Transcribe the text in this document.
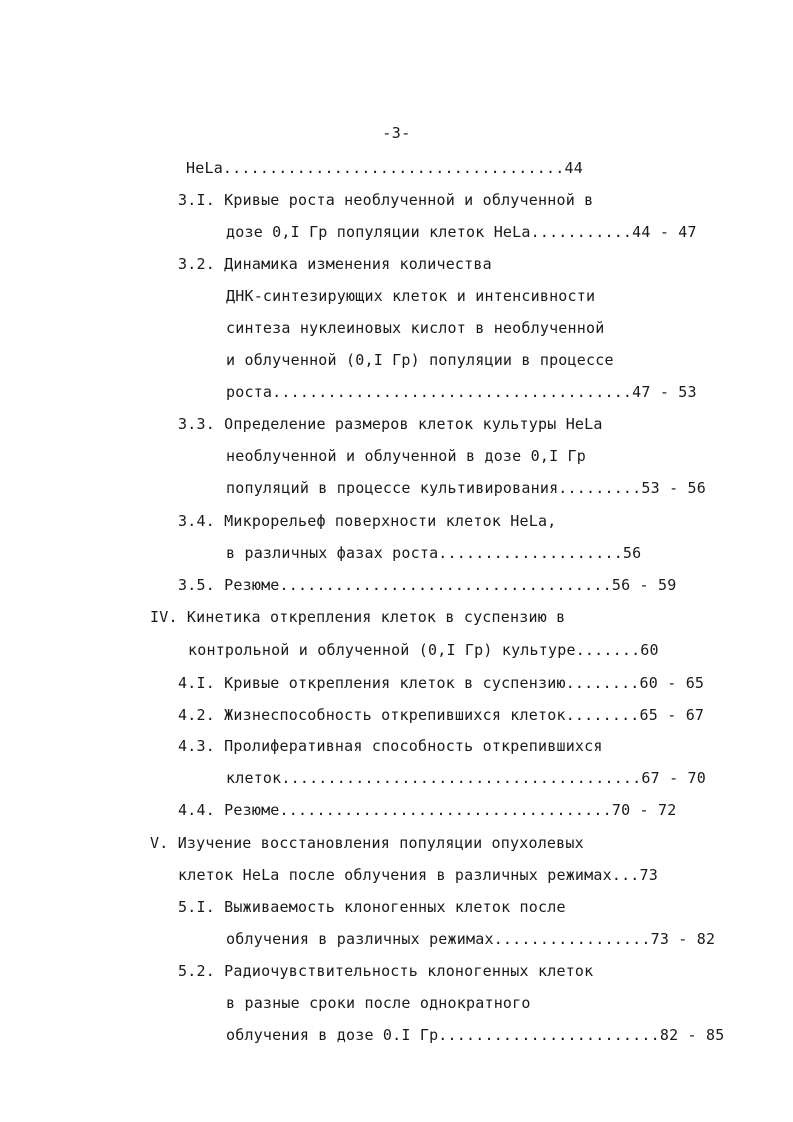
-3-
HeLa.....................................44
3.I. Кривые роста необлученной и облученной в
дозе 0,I Гр популяции клеток HeLa...........44 - 47
3.2. Динамика изменения количества
ДНК-синтезирующих клеток и интенсивности
синтеза нуклеиновых кислот в необлученной
и облученной (0,I Гр) популяции в процессе
роста.......................................47 - 53
3.3. Определение размеров клеток культуры HeLa
необлученной и облученной в дозе 0,I Гр
популяций в процессе культивирования.........53 - 56
3.4. Микрорельеф поверхности клеток HeLa,
в различных фазах роста....................56
3.5. Резюме....................................56 - 59
IV. Кинетика открепления клеток в суспензию в
контрольной и облученной (0,I Гр) культуре.......60
4.I. Кривые открепления клеток в суспензию........60 - 65
4.2. Жизнеспособность открепившихся клеток........65 - 67
4.3. Пролиферативная способность открепившихся
клеток.......................................67 - 70
4.4. Резюме....................................70 - 72
V. Изучение восстановления популяции опухолевых
клеток HeLa после облучения в различных режимах...73
5.I. Выживаемость клоногенных клеток после
облучения в различных режимах.................73 - 82
5.2. Радиочувствительность клоногенных клеток
в разные сроки после однократного
облучения в дозе 0.I Гр........................82 - 85
